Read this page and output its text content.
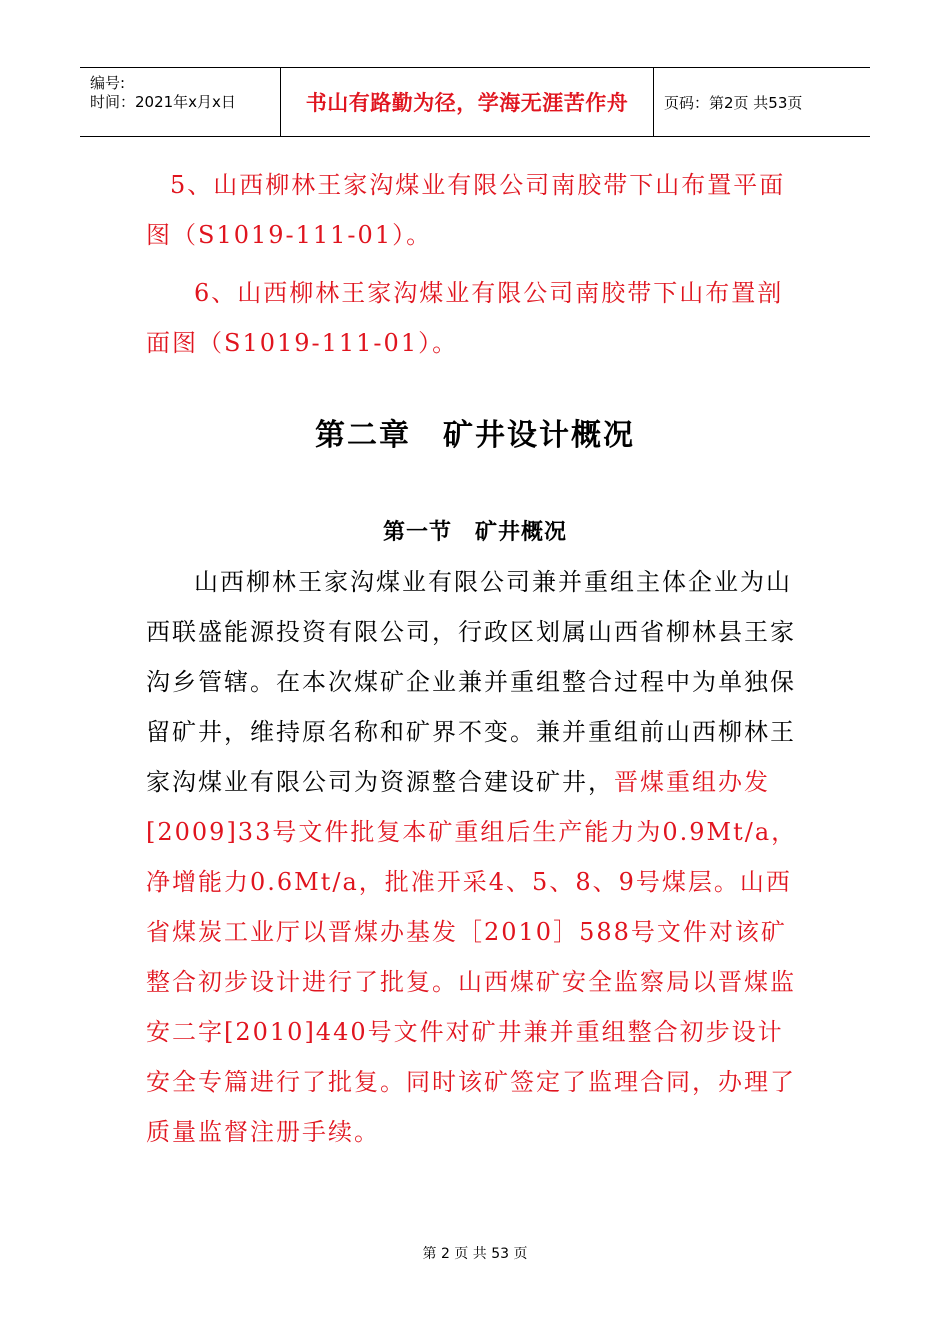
编号:
时间：2021年x月x日	书山有路勤为径，学海无涯苦作舟	页码：第2页 共53页

5、山西柳林王家沟煤业有限公司南胶带下山布置平面图（S1019-111-01）。

6、山西柳林王家沟煤业有限公司南胶带下山布置剖面图（S1019-111-01）。

第二章　矿井设计概况
第一节　矿井概况

山西柳林王家沟煤业有限公司兼并重组主体企业为山西联盛能源投资有限公司，行政区划属山西省柳林县王家沟乡管辖。在本次煤矿企业兼并重组整合过程中为单独保留矿井，维持原名称和矿界不变。兼并重组前山西柳林王家沟煤业有限公司为资源整合建设矿井，晋煤重组办发[2009]33号文件批复本矿重组后生产能力为0.9Mt/a，净增能力0.6Mt/a，批准开采4、5、8、9号煤层。山西省煤炭工业厅以晋煤办基发［2010］588号文件对该矿整合初步设计进行了批复。山西煤矿安全监察局以晋煤监安二字[2010]440号文件对矿井兼并重组整合初步设计安全专篇进行了批复。同时该矿签定了监理合同，办理了质量监督注册手续。

第 2 页 共 53 页
